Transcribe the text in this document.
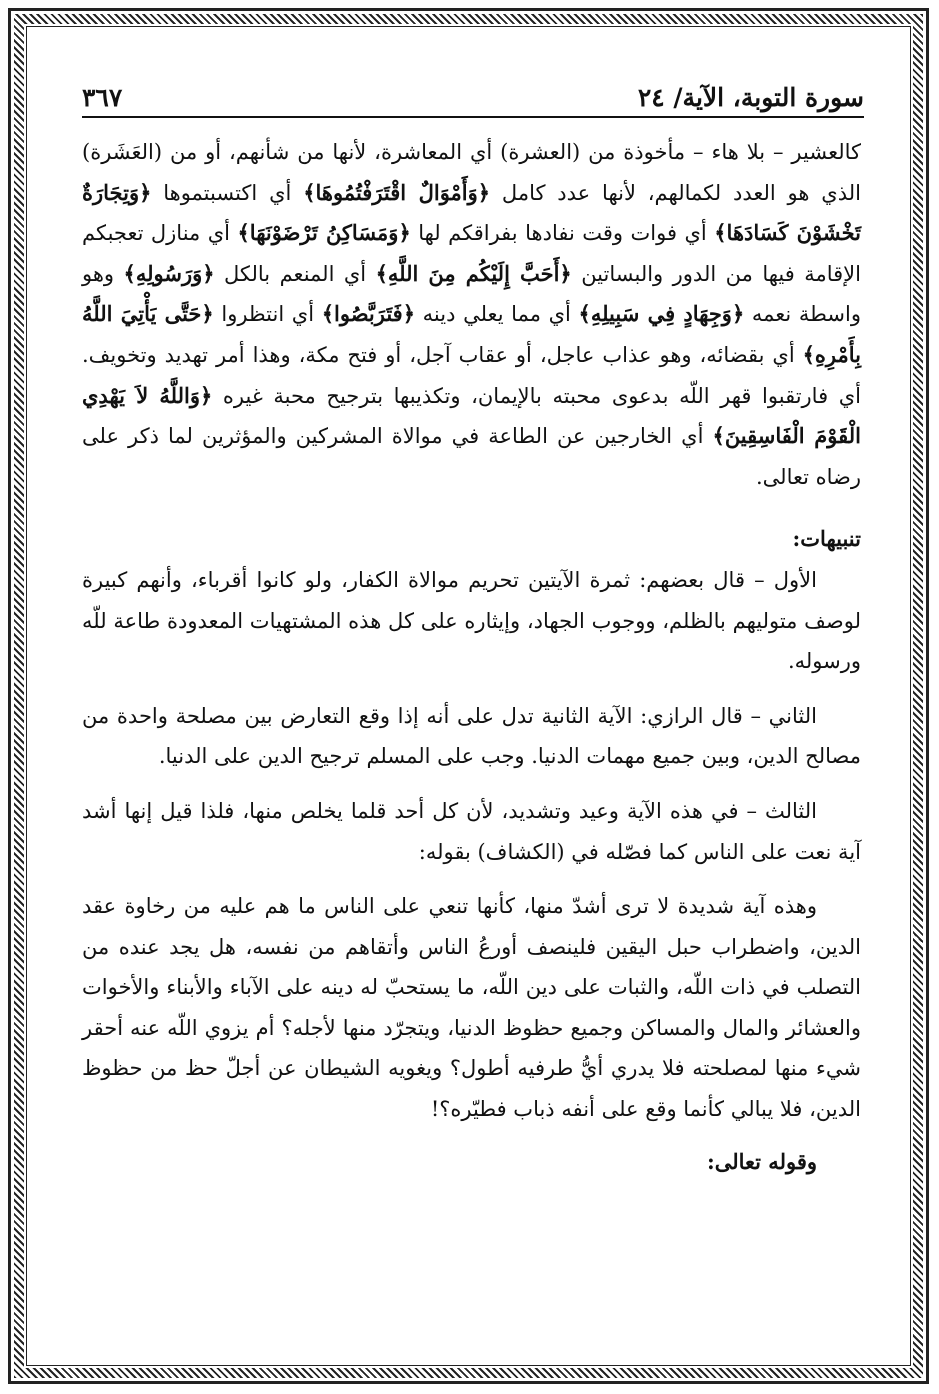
سورة التوبة، الآية/ ٢٤
٣٦٧

كالعشير – بلا هاء – مأخوذة من (العشرة) أي المعاشرة، لأنها من شأنهم، أو من (العَشَرة) الذي هو العدد لكمالهم، لأنها عدد كامل ﴿وَأَمْوَالٌ اقْتَرَفْتُمُوهَا﴾ أي اكتسبتموها ﴿وَتِجَارَةٌ تَخْشَوْنَ كَسَادَهَا﴾ أي فوات وقت نفادها بفراقكم لها ﴿وَمَسَاكِنُ تَرْضَوْنَهَا﴾ أي منازل تعجبكم الإقامة فيها من الدور والبساتين ﴿أَحَبَّ إِلَيْكُم مِنَ اللَّهِ﴾ أي المنعم بالكل ﴿وَرَسُولِهِ﴾ وهو واسطة نعمه ﴿وَجِهَادٍ فِي سَبِيلِهِ﴾ أي مما يعلي دينه ﴿فَتَرَبَّصُوا﴾ أي انتظروا ﴿حَتَّى يَأْتِيَ اللَّهُ بِأَمْرِهِ﴾ أي بقضائه، وهو عذاب عاجل، أو عقاب آجل، أو فتح مكة، وهذا أمر تهديد وتخويف. أي فارتقبوا قهر اللّه بدعوى محبته بالإيمان، وتكذيبها بترجيح محبة غيره ﴿وَاللَّهُ لاَ يَهْدِي الْقَوْمَ الْفَاسِقِينَ﴾ أي الخارجين عن الطاعة في موالاة المشركين والمؤثرين لما ذكر على رضاه تعالى.

تنبيهات:

الأول – قال بعضهم: ثمرة الآيتين تحريم موالاة الكفار، ولو كانوا أقرباء، وأنهم كبيرة لوصف متوليهم بالظلم، ووجوب الجهاد، وإيثاره على كل هذه المشتهيات المعدودة طاعة للّه ورسوله.

الثاني – قال الرازي: الآية الثانية تدل على أنه إذا وقع التعارض بين مصلحة واحدة من مصالح الدين، وبين جميع مهمات الدنيا. وجب على المسلم ترجيح الدين على الدنيا.

الثالث – في هذه الآية وعيد وتشديد، لأن كل أحد قلما يخلص منها، فلذا قيل إنها أشد آية نعت على الناس كما فصّله في (الكشاف) بقوله:

وهذه آية شديدة لا ترى أشدّ منها، كأنها تنعي على الناس ما هم عليه من رخاوة عقد الدين، واضطراب حبل اليقين فلينصف أورعُ الناس وأتقاهم من نفسه، هل يجد عنده من التصلب في ذات اللّه، والثبات على دين اللّه، ما يستحبّ له دينه على الآباء والأبناء والأخوات والعشائر والمال والمساكن وجميع حظوظ الدنيا، ويتجرّد منها لأجله؟ أم يزوي اللّه عنه أحقر شيء منها لمصلحته فلا يدري أيُّ طرفيه أطول؟ ويغويه الشيطان عن أجلّ حظ من حظوظ الدين، فلا يبالي كأنما وقع على أنفه ذباب فطيّره؟!

وقوله تعالى:
